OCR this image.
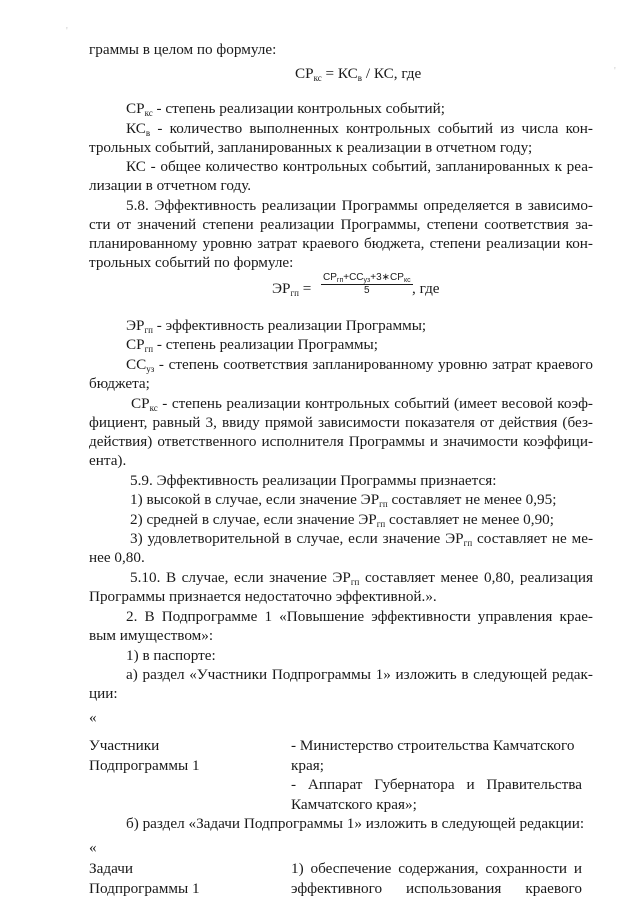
'
'
граммы в целом по формуле:
$СР_{кс} = КС_в$ / КС, где
$СР_{кс}$ - степень реализации контрольных событий;
$КС_в$ - количество выполненных контрольных событий из числа кон-
трольных событий, запланированных к реализации в отчетном году;
КС - общее количество контрольных событий, запланированных к реа-
лизации в отчетном году.
5.8. Эффективность реализации Программы определяется в зависимо-
сти от значений степени реализации Программы, степени соответствия за-
планированному уровню затрат краевого бюджета, степени реализации кон-
трольных событий по формуле:
$ЭР_{гп}$ =
$СР_{гп}+СС_{уз}+3∗СР_{кс}$
5	, где
$ЭР_{гп}$ - эффективность реализации Программы;
$СР_{гп}$ - степень реализации Программы;
$СС_{уз}$ - степень соответствия запланированному уровню затрат краевого
бюджета;
$СР_{кс}$ - степень реализации контрольных событий (имеет весовой коэф-
фициент, равный 3, ввиду прямой зависимости показателя от действия (без-
действия) ответственного исполнителя Программы и значимости коэффици-
ента).
5.9. Эффективность реализации Программы признается:
1) высокой в случае, если значение $ЭР_{гп}$ составляет не менее 0,95;
2) средней в случае, если значение $ЭР_{гп}$ составляет не менее 0,90;
3) удовлетворительной в случае, если значение $ЭР_{гп}$ составляет не ме-
нее 0,80.
5.10. В случае, если значение $ЭР_{гп}$ составляет менее 0,80, реализация
Программы признается недостаточно эффективной.».
2. В Подпрограмме 1 «Повышение эффективности управления крае-
вым имуществом»:
1) в паспорте:
а) раздел «Участники Подпрограммы 1» изложить в следующей редак-
ции:
«
Участники
Подпрограммы 1
- Министерство строительства Камчатского
края;
- Аппарат Губернатора и Правительства
Камчатского края»;
б) раздел «Задачи Подпрограммы 1» изложить в следующей редакции:
«
Задачи
Подпрограммы 1
1) обеспечение содержания, сохранности и
эффективного использования краевого
